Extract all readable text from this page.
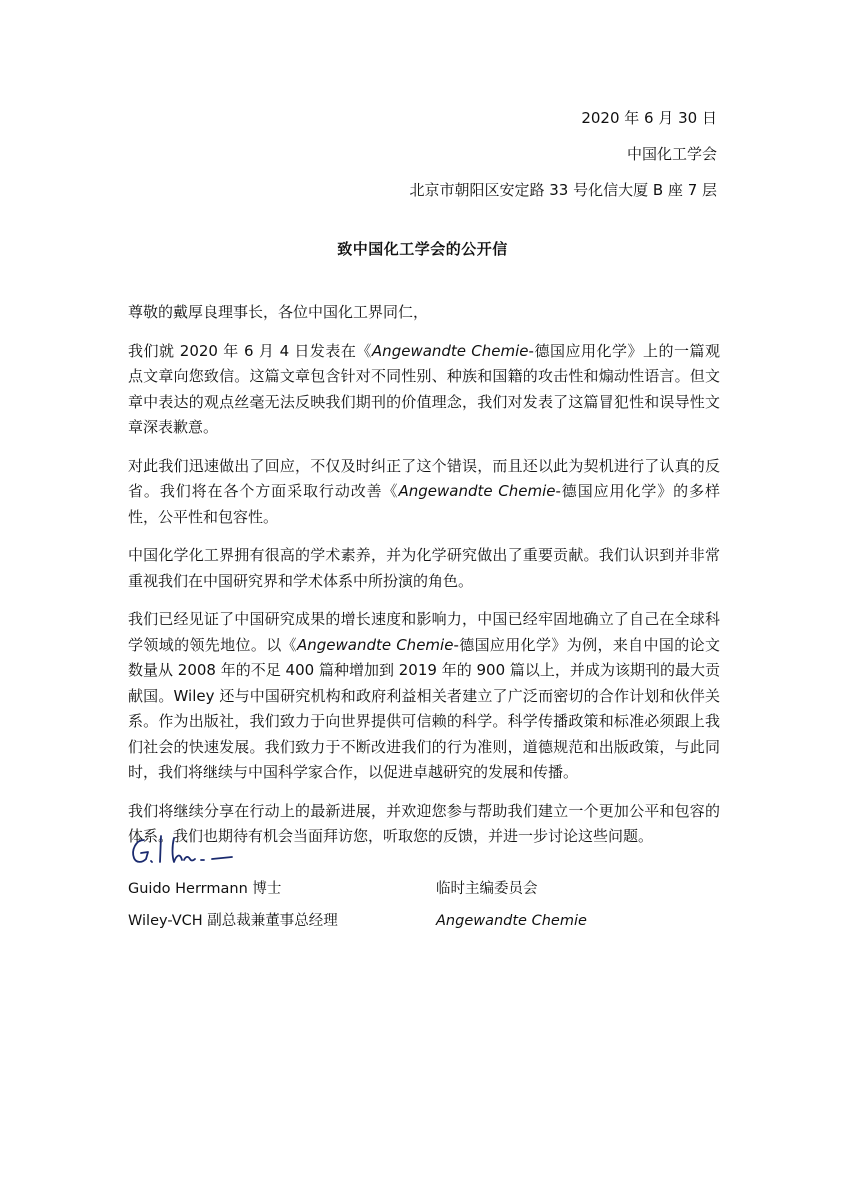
2020 年 6 月 30 日
中国化工学会
北京市朝阳区安定路 33 号化信大厦 B 座 7 层
致中国化工学会的公开信

尊敬的戴厚良理事长，各位中国化工界同仁，

我们就 2020 年 6 月 4 日发表在《Angewandte Chemie-德国应用化学》上的一篇观点文章向您致信。这篇文章包含针对不同性别、种族和国籍的攻击性和煽动性语言。但文章中表达的观点丝毫无法反映我们期刊的价值理念，我们对发表了这篇冒犯性和误导性文章深表歉意。

对此我们迅速做出了回应，不仅及时纠正了这个错误，而且还以此为契机进行了认真的反省。我们将在各个方面采取行动改善《Angewandte Chemie-德国应用化学》的多样性，公平性和包容性。

中国化学化工界拥有很高的学术素养，并为化学研究做出了重要贡献。我们认识到并非常重视我们在中国研究界和学术体系中所扮演的角色。

我们已经见证了中国研究成果的增长速度和影响力，中国已经牢固地确立了自己在全球科学领域的领先地位。以《Angewandte Chemie-德国应用化学》为例，来自中国的论文数量从 2008 年的不足 400 篇种增加到 2019 年的 900 篇以上，并成为该期刊的最大贡献国。Wiley 还与中国研究机构和政府利益相关者建立了广泛而密切的合作计划和伙伴关系。作为出版社，我们致力于向世界提供可信赖的科学。科学传播政策和标准必须跟上我们社会的快速发展。我们致力于不断改进我们的行为准则，道德规范和出版政策，与此同时，我们将继续与中国科学家合作，以促进卓越研究的发展和传播。

我们将继续分享在行动上的最新进展，并欢迎您参与帮助我们建立一个更加公平和包容的体系。我们也期待有机会当面拜访您，听取您的反馈，并进一步讨论这些问题。

Guido Herrmann 博士
Wiley-VCH 副总裁兼董事总经理
临时主编委员会
Angewandte Chemie
